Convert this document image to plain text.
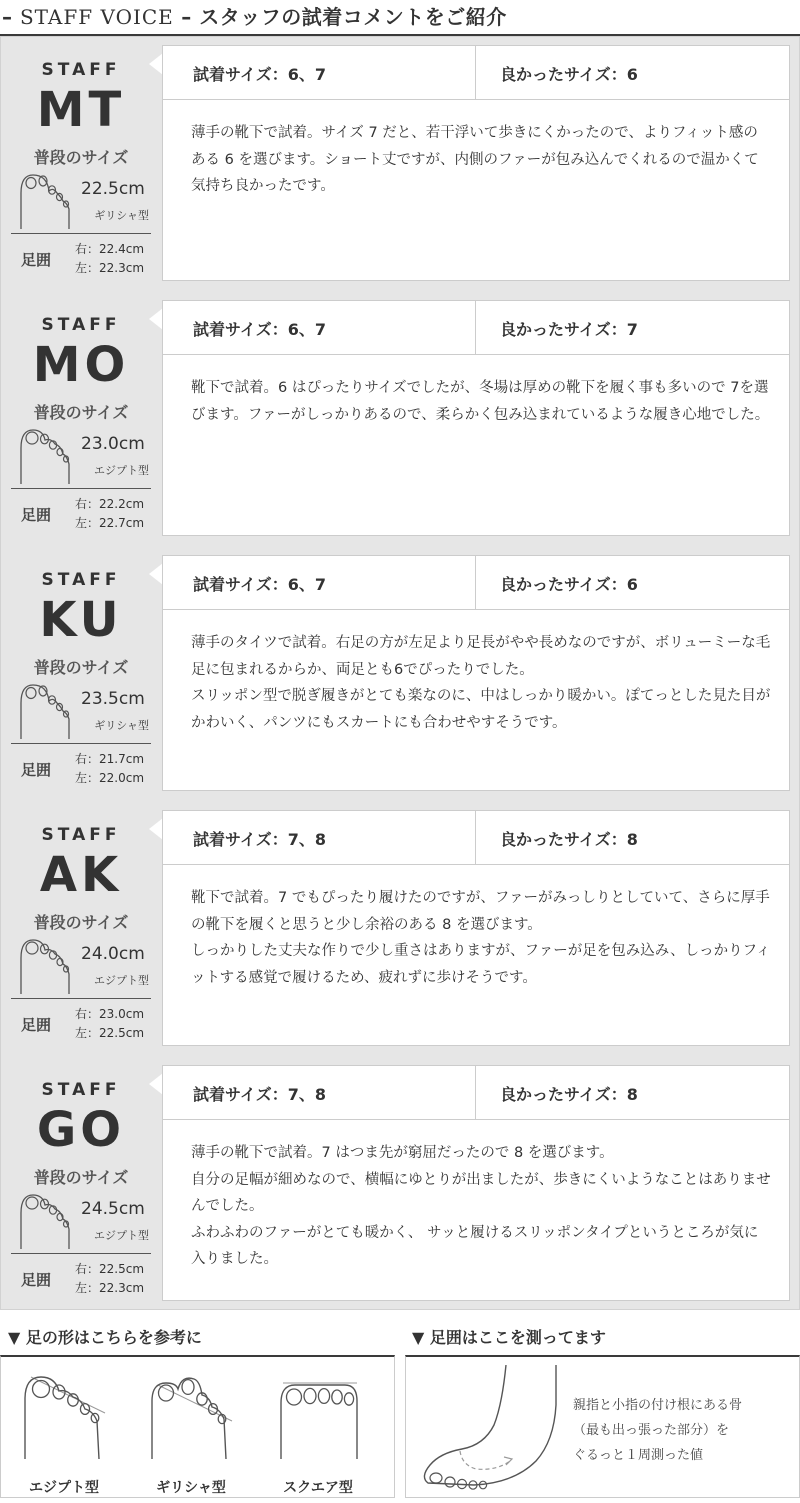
– STAFF VOICE – スタッフの試着コメントをご紹介
STAFF
MT
普段のサイズ
22.5cm
ギリシャ型
足囲
右：22.4cm
左：22.3cm
試着サイズ：6、7	良かったサイズ：6
薄手の靴下で試着。サイズ 7 だと、若干浮いて歩きにくかったので、よりフィット感のある 6 を選びます。ショート丈ですが、内側のファーが包み込んでくれるので温かくて気持ち良かったです。
STAFF
MO
普段のサイズ
23.0cm
エジプト型
足囲
右：22.2cm
左：22.7cm
試着サイズ：6、7	良かったサイズ：7
靴下で試着。6 はぴったりサイズでしたが、冬場は厚めの靴下を履く事も多いので 7を選びます。ファーがしっかりあるので、柔らかく包み込まれているような履き心地でした。
STAFF
KU
普段のサイズ
23.5cm
ギリシャ型
足囲
右：21.7cm
左：22.0cm
試着サイズ：6、7	良かったサイズ：6
薄手のタイツで試着。右足の方が左足より足長がやや長めなのですが、ボリューミーな毛足に包まれるからか、両足とも6でぴったりでした。
スリッポン型で脱ぎ履きがとても楽なのに、中はしっかり暖かい。ぽてっとした見た目がかわいく、パンツにもスカートにも合わせやすそうです。
STAFF
AK
普段のサイズ
24.0cm
エジプト型
足囲
右：23.0cm
左：22.5cm
試着サイズ：7、8	良かったサイズ：8
靴下で試着。7 でもぴったり履けたのですが、ファーがみっしりとしていて、さらに厚手の靴下を履くと思うと少し余裕のある 8 を選びます。
しっかりした丈夫な作りで少し重さはありますが、ファーが足を包み込み、しっかりフィットする感覚で履けるため、疲れずに歩けそうです。
STAFF
GO
普段のサイズ
24.5cm
エジプト型
足囲
右：22.5cm
左：22.3cm
試着サイズ：7、8	良かったサイズ：8
薄手の靴下で試着。7 はつま先が窮屈だったので 8 を選びます。
自分の足幅が細めなので、横幅にゆとりが出ましたが、歩きにくいようなことはありませんでした。
ふわふわのファーがとても暖かく、 サッと履けるスリッポンタイプというところが気に入りました。
▼ 足の形はこちらを参考に
エジプト型	ギリシャ型	スクエア型
▼ 足囲はここを測ってます
親指と小指の付け根にある骨
（最も出っ張った部分）を
ぐるっと１周測った値
